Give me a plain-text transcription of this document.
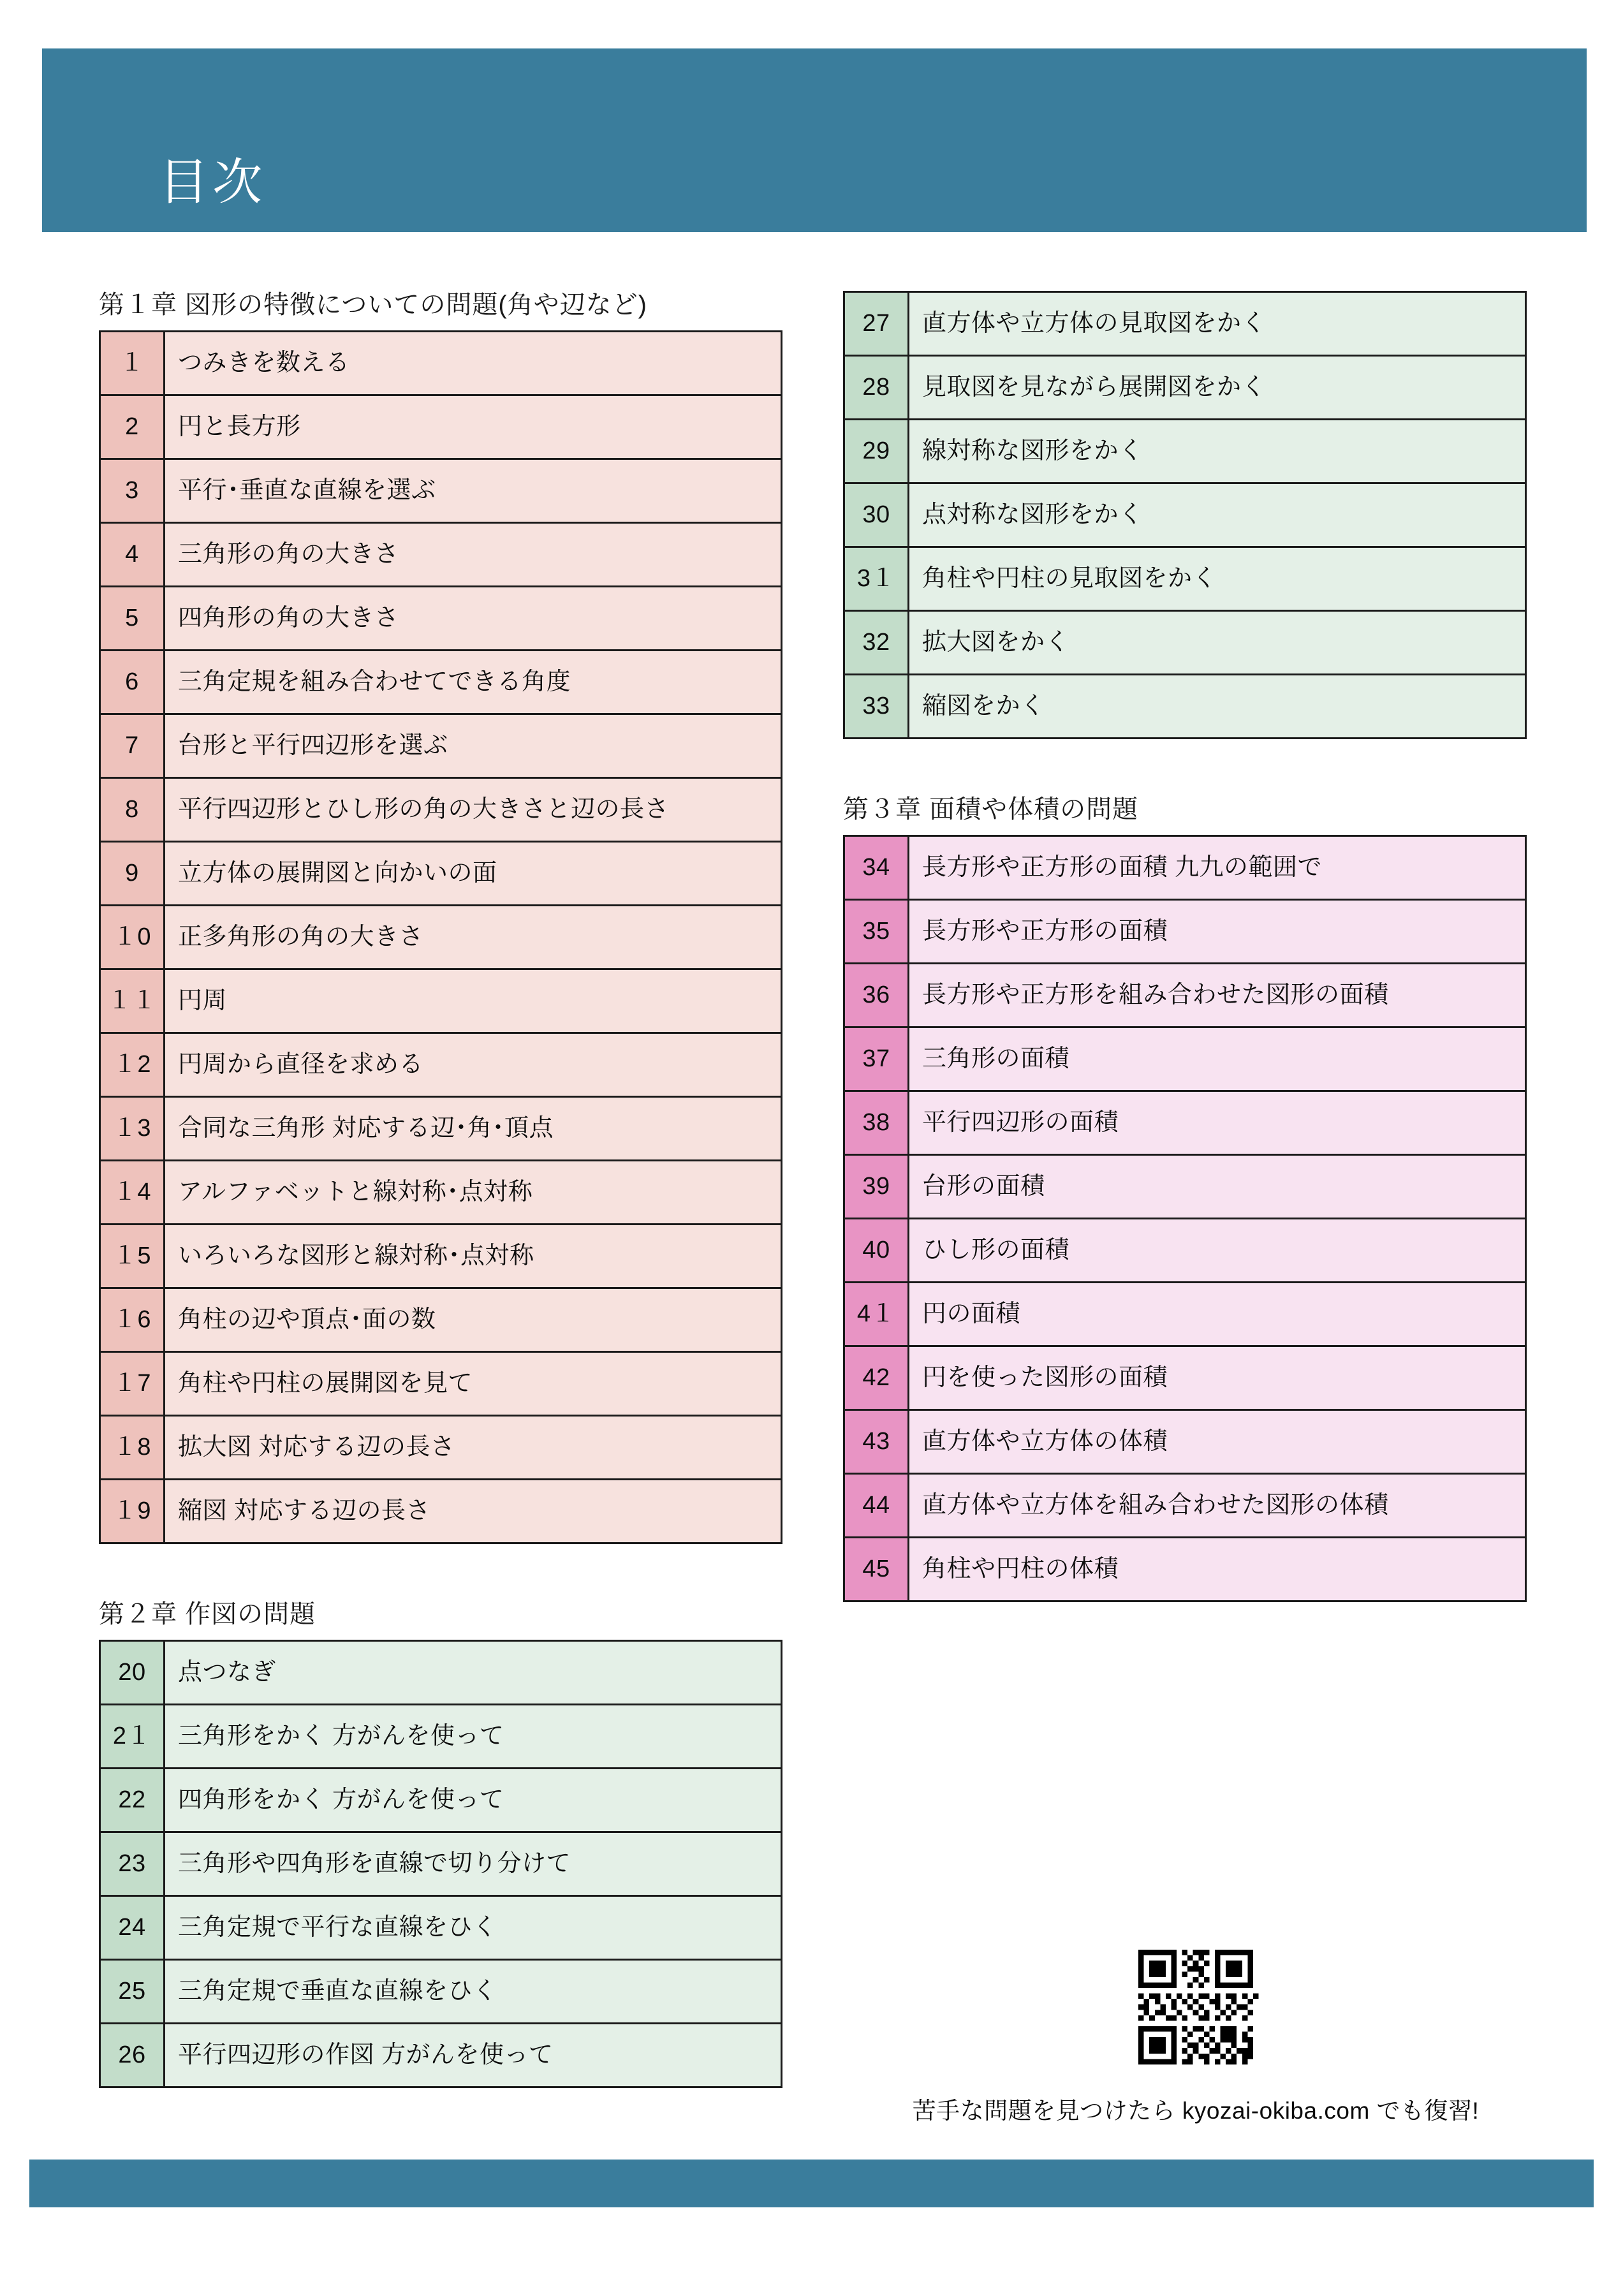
目次
第１章 図形の特徴についての問題(角や辺など)
１	つみきを数える
2	円と長方形
3	平行･垂直な直線を選ぶ
4	三角形の角の大きさ
5	四角形の角の大きさ
6	三角定規を組み合わせてできる角度
7	台形と平行四辺形を選ぶ
8	平行四辺形とひし形の角の大きさと辺の長さ
9	立方体の展開図と向かいの面
１0	正多角形の角の大きさ
１１	円周
１2	円周から直径を求める
１3	合同な三角形 対応する辺･角･頂点
１4	アルファベットと線対称･点対称
１5	いろいろな図形と線対称･点対称
１6	角柱の辺や頂点･面の数
１7	角柱や円柱の展開図を見て
１8	拡大図 対応する辺の長さ
１9	縮図 対応する辺の長さ
第２章 作図の問題
20	点つなぎ
2１	三角形をかく 方がんを使って
22	四角形をかく 方がんを使って
23	三角形や四角形を直線で切り分けて
24	三角定規で平行な直線をひく
25	三角定規で垂直な直線をひく
26	平行四辺形の作図 方がんを使って
27	直方体や立方体の見取図をかく
28	見取図を見ながら展開図をかく
29	線対称な図形をかく
30	点対称な図形をかく
3１	角柱や円柱の見取図をかく
32	拡大図をかく
33	縮図をかく
第３章 面積や体積の問題
34	長方形や正方形の面積 九九の範囲で
35	長方形や正方形の面積
36	長方形や正方形を組み合わせた図形の面積
37	三角形の面積
38	平行四辺形の面積
39	台形の面積
40	ひし形の面積
4１	円の面積
42	円を使った図形の面積
43	直方体や立方体の体積
44	直方体や立方体を組み合わせた図形の体積
45	角柱や円柱の体積
苦手な問題を見つけたら kyozai-okiba.com でも復習!
